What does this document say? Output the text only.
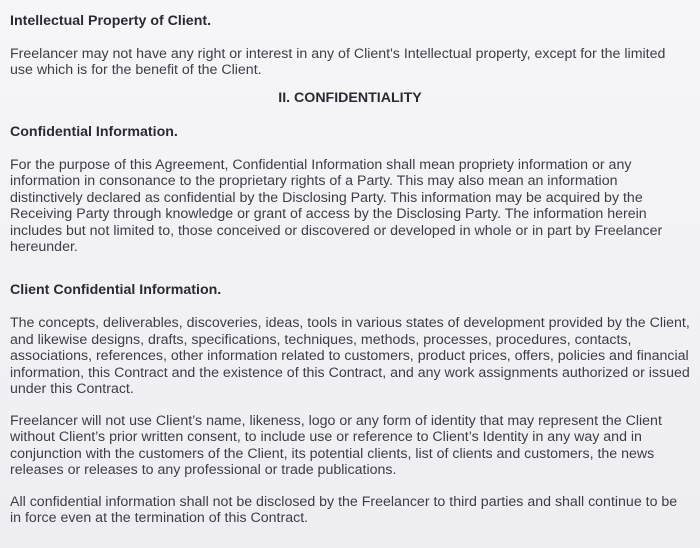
Intellectual Property of Client.

Freelancer may not have any right or interest in any of Client's Intellectual property, except for the limited use which is for the benefit of the Client.

II. CONFIDENTIALITY

Confidential Information.

For the purpose of this Agreement, Confidential Information shall mean propriety information or any information in consonance to the proprietary rights of a Party. This may also mean an information distinctively declared as confidential by the Disclosing Party. This information may be acquired by the Receiving Party through knowledge or grant of access by the Disclosing Party. The information herein includes but not limited to, those conceived or discovered or developed in whole or in part by Freelancer hereunder.

Client Confidential Information.

The concepts, deliverables, discoveries, ideas, tools in various states of development provided by the Client, and likewise designs, drafts, specifications, techniques, methods, processes, procedures, contacts, associations, references, other information related to customers, product prices, offers, policies and financial information, this Contract and the existence of this Contract, and any work assignments authorized or issued under this Contract.

Freelancer will not use Client’s name, likeness, logo or any form of identity that may represent the Client without Client’s prior written consent, to include use or reference to Client’s Identity in any way and in conjunction with the customers of the Client, its potential clients, list of clients and customers, the news releases or releases to any professional or trade publications.

All confidential information shall not be disclosed by the Freelancer to third parties and shall continue to be in force even at the termination of this Contract.
